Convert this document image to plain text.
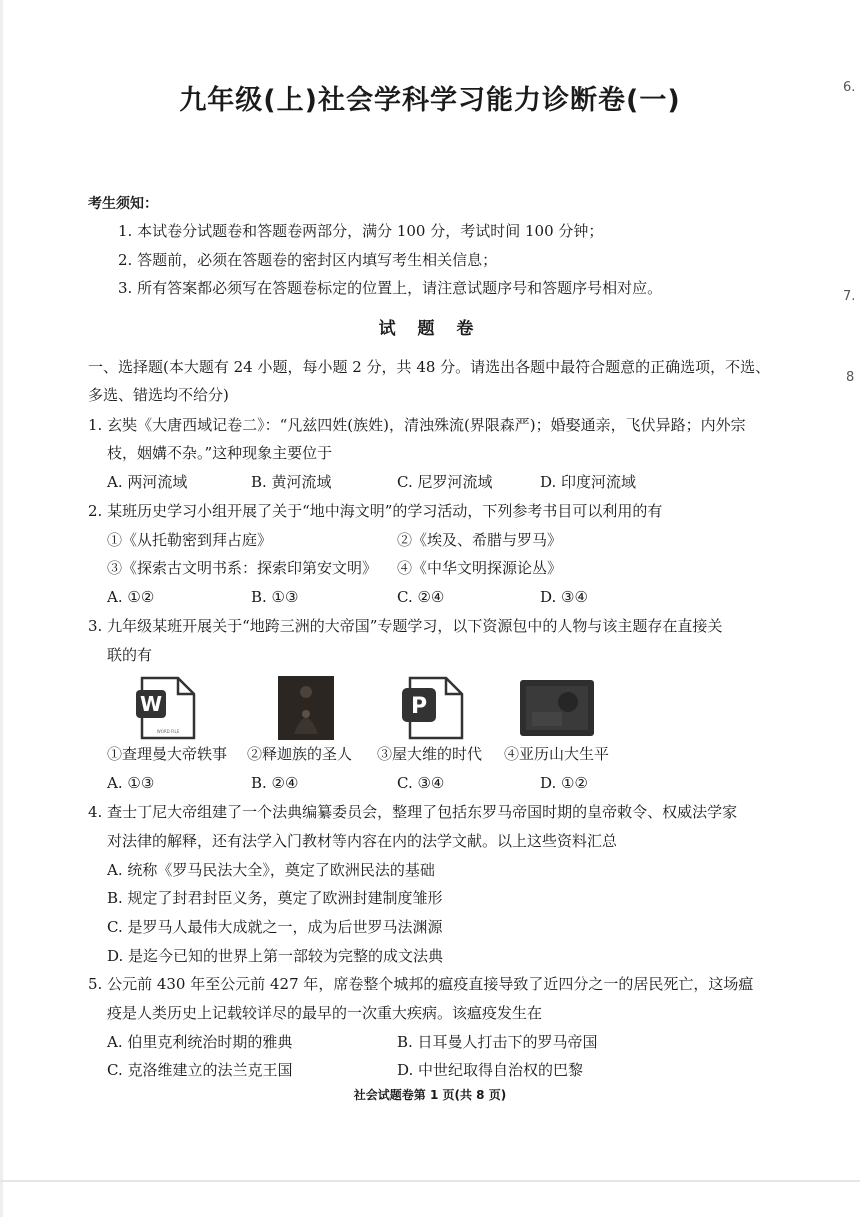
九年级(上)社会学科学习能力诊断卷(一)
考生须知：
1. 本试卷分试题卷和答题卷两部分，满分 100 分，考试时间 100 分钟；
2. 答题前，必须在答题卷的密封区内填写考生相关信息；
3. 所有答案都必须写在答题卷标定的位置上，请注意试题序号和答题序号相对应。
试 题 卷
一、选择题(本大题有 24 小题，每小题 2 分，共 48 分。请选出各题中最符合题意的正确选项，不选、
多选、错选均不给分)
1. 玄奘《大唐西域记卷二》：“凡兹四姓(族姓)，清浊殊流(界限森严)；婚娶通亲，飞伏异路；内外宗
枝，姻媾不杂。”这种现象主要位于
A. 两河流域	B. 黄河流域	C. 尼罗河流域	D. 印度河流域
2. 某班历史学习小组开展了关于“地中海文明”的学习活动，下列参考书目可以利用的有
①《从托勒密到拜占庭》	②《埃及、希腊与罗马》
③《探索古文明书系：探索印第安文明》 ④《中华文明探源论丛》
A. ①②	B. ①③	C. ②④	D. ③④
3. 九年级某班开展关于“地跨三洲的大帝国”专题学习，以下资源包中的人物与该主题存在直接关
联的有
W
WORD FILE
P
①查理曼大帝轶事 ②释迦族的圣人 ③屋大维的时代 ④亚历山大生平
A. ①③	B. ②④	C. ③④	D. ①②
4. 查士丁尼大帝组建了一个法典编纂委员会，整理了包括东罗马帝国时期的皇帝敕令、权威法学家
对法律的解释，还有法学入门教材等内容在内的法学文献。以上这些资料汇总
A. 统称《罗马民法大全》，奠定了欧洲民法的基础
B. 规定了封君封臣义务，奠定了欧洲封建制度雏形
C. 是罗马人最伟大成就之一，成为后世罗马法渊源
D. 是迄今已知的世界上第一部较为完整的成文法典
5. 公元前 430 年至公元前 427 年，席卷整个城邦的瘟疫直接导致了近四分之一的居民死亡，这场瘟
疫是人类历史上记载较详尽的最早的一次重大疾病。该瘟疫发生在
A. 伯里克利统治时期的雅典	B. 日耳曼人打击下的罗马帝国
C. 克洛维建立的法兰克王国	D. 中世纪取得自治权的巴黎
社会试题卷第 1 页(共 8 页)
6.
7.
8
